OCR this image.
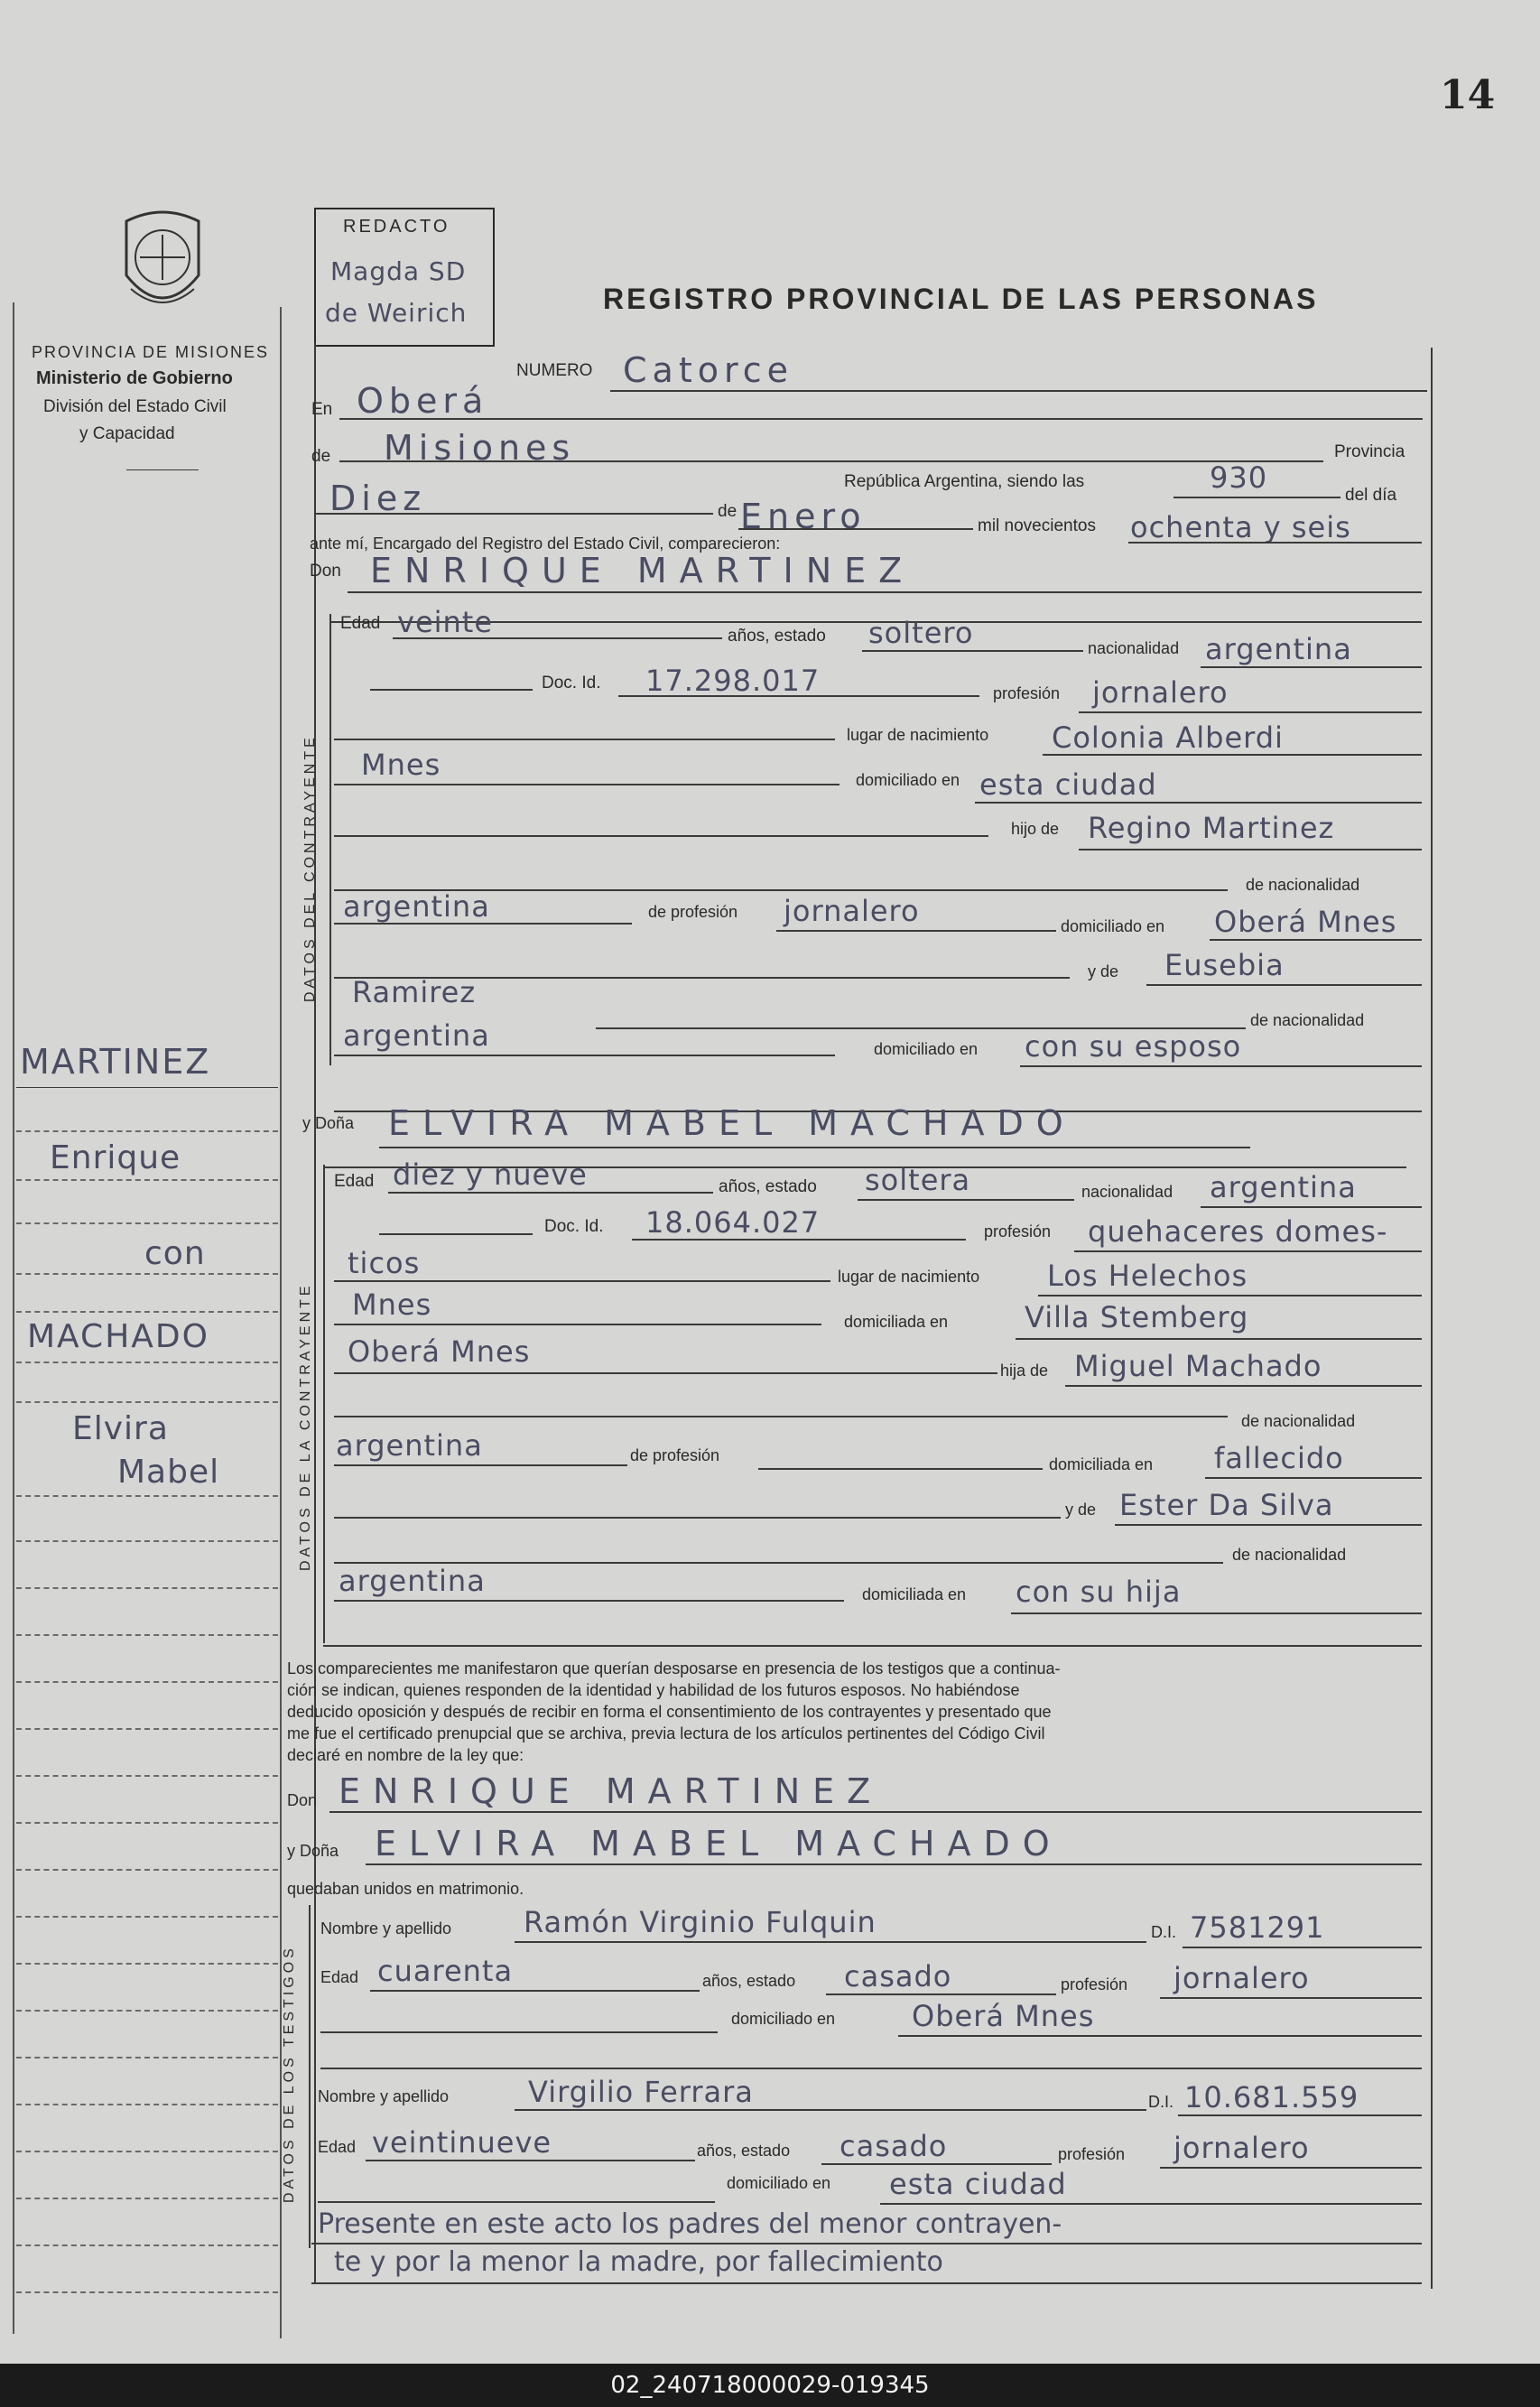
14
PROVINCIA DE MISIONES
Ministerio de Gobierno
División del Estado Civil
y Capacidad
REDACTO
Magda SD
de Weirich	REGISTRO PROVINCIAL DE LAS PERSONAS
NUMERO Catorce
En Oberá
de Misiones	Provincia
República Argentina, siendo las	930
del día
Diez	de Enero	mil novecientos ochenta y seis
ante mí, Encargado del Registro del Estado Civil, comparecieron:
Don ENRIQUE MARTINEZ
DATOS DEL CONTRAYENTE
Edad veinte	años, estado soltero	nacionalidad argentina
Doc. Id. 17.298.017	profesión jornalero
lugar de nacimiento Colonia Alberdi
Mnes	domiciliado en esta ciudad
hijo de Regino Martinez
de nacionalidad
argentina	de profesión jornalero	domiciliado en Oberá Mnes
y de Eusebia
Ramirez
de nacionalidad
argentina	domiciliado en con su esposo
y Doña ELVIRA MABEL MACHADO
DATOS DE LA CONTRAYENTE
Edad diez y nueve	años, estado soltera	nacionalidad argentina
Doc. Id. 18.064.027	profesión quehaceres domes-
ticos	lugar de nacimiento Los Helechos
Mnes	domiciliada en	Villa Stemberg
Oberá Mnes
hija de Miguel Machado
de nacionalidad
argentina	de profesión	domiciliada en fallecido
y de Ester Da Silva
de nacionalidad
argentina	domiciliada en con su hija
Los comparecientes me manifestaron que querían desposarse en presencia de los testigos que a continua-
ción se indican, quienes responden de la identidad y habilidad de los futuros esposos. No habiéndose
deducido oposición y después de recibir en forma el consentimiento de los contrayentes y presentado que
me fue el certificado prenupcial que se archiva, previa lectura de los artículos pertinentes del Código Civil
declaré en nombre de la ley que:
Don ENRIQUE MARTINEZ
y Doña ELVIRA MABEL MACHADO
quedaban unidos en matrimonio.
DATOS DE LOS TESTIGOS
Nombre y apellido Ramón Virginio Fulquin	D.I. 7581291
Edad cuarenta	años, estado casado	profesión jornalero
domiciliado en	Oberá Mnes
Nombre y apellido	Virgilio Ferrara	D.I. 10.681.559
Edad veintinueve	años, estado casado	profesión jornalero
domiciliado en esta ciudad
Presente en este acto los padres del menor contrayen-
te y por la menor la madre, por fallecimiento
MARTINEZ
Enrique
con
MACHADO
Elvira
Mabel
02_240718000029-019345
